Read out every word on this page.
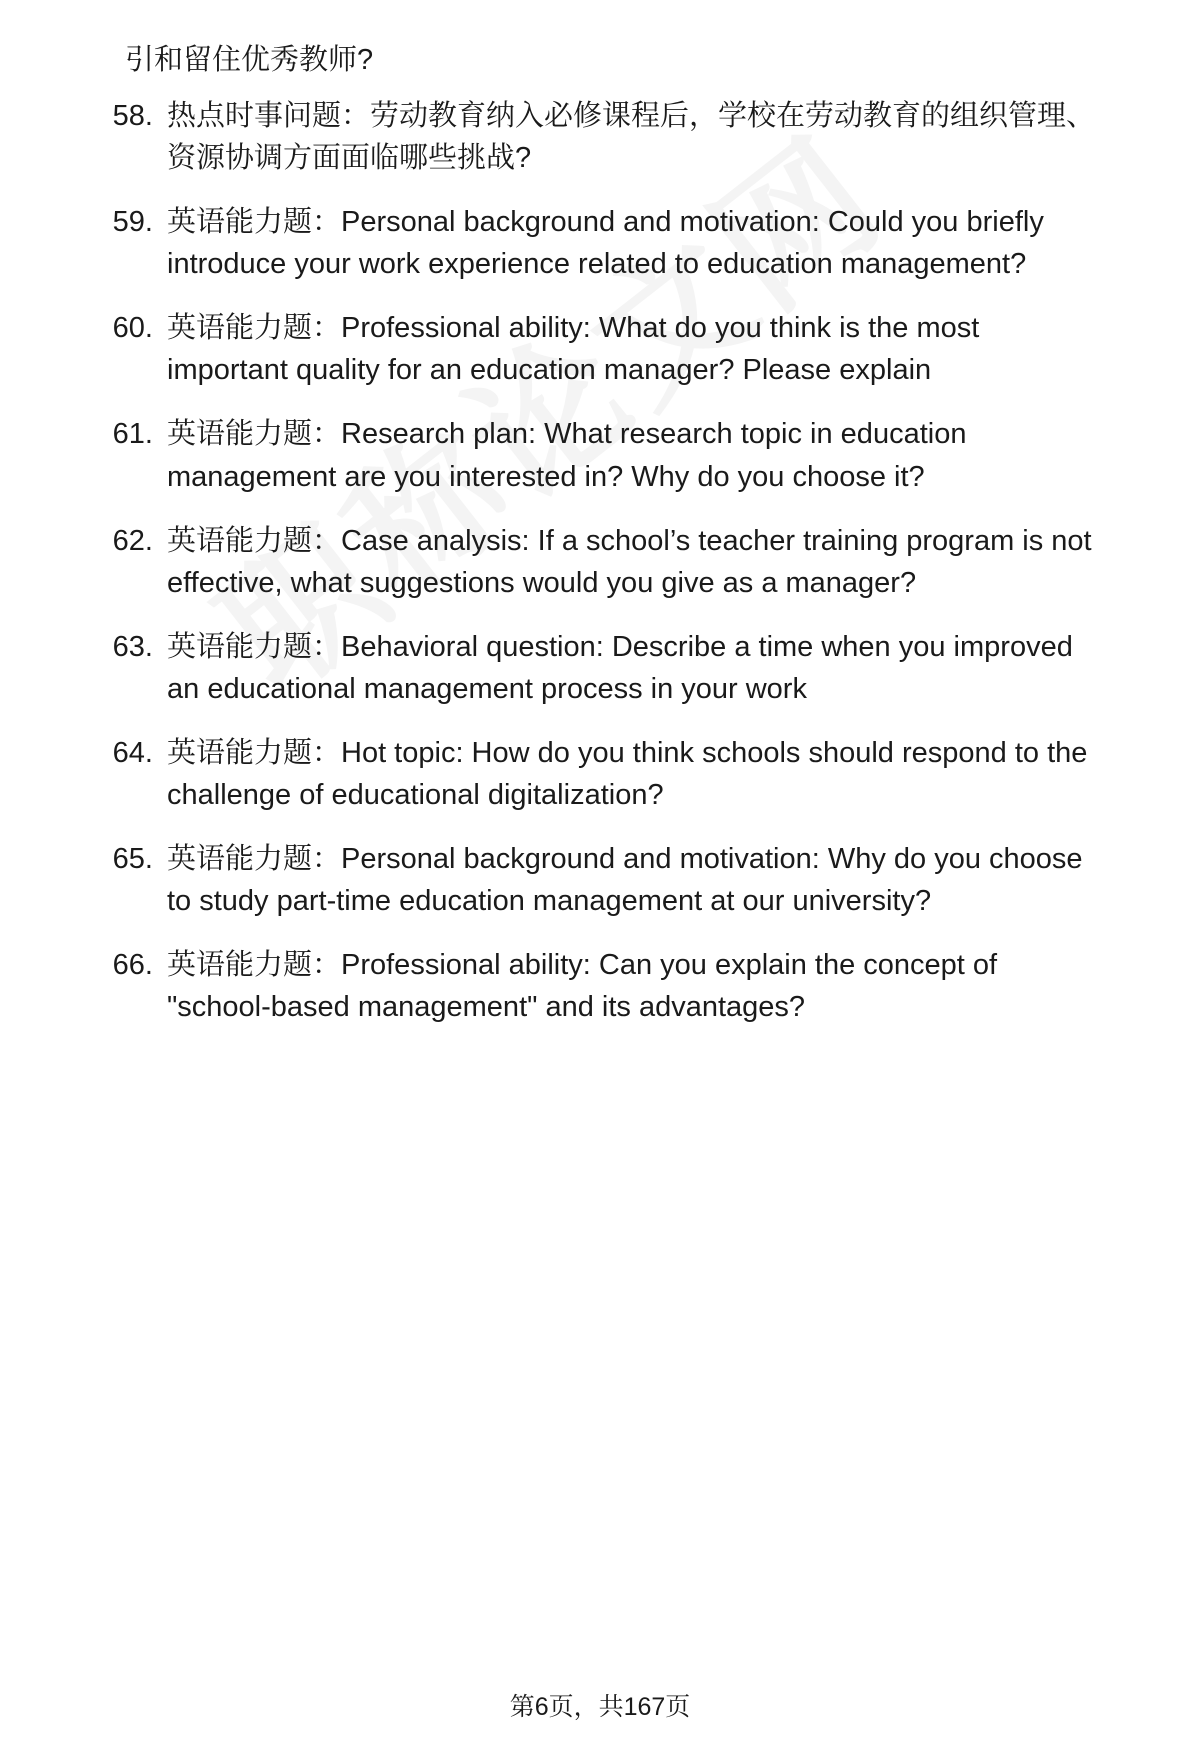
引和留住优秀教师?

58. 热点时事问题：劳动教育纳入必修课程后，学校在劳动教育的组织管理、资源协调方面面临哪些挑战?
59. 英语能力题：Personal background and motivation: Could you briefly introduce your work experience related to education management?
60. 英语能力题：Professional ability: What do you think is the most important quality for an education manager? Please explain
61. 英语能力题：Research plan: What research topic in education management are you interested in? Why do you choose it?
62. 英语能力题：Case analysis: If a school’s teacher training program is not effective, what suggestions would you give as a manager?
63. 英语能力题：Behavioral question: Describe a time when you improved an educational management process in your work
64. 英语能力题：Hot topic: How do you think schools should respond to the challenge of educational digitalization?
65. 英语能力题：Personal background and motivation: Why do you choose to study part-time education management at our university?
66. 英语能力题：Professional ability: Can you explain the concept of "school-based management" and its advantages?
第6页，共167页
